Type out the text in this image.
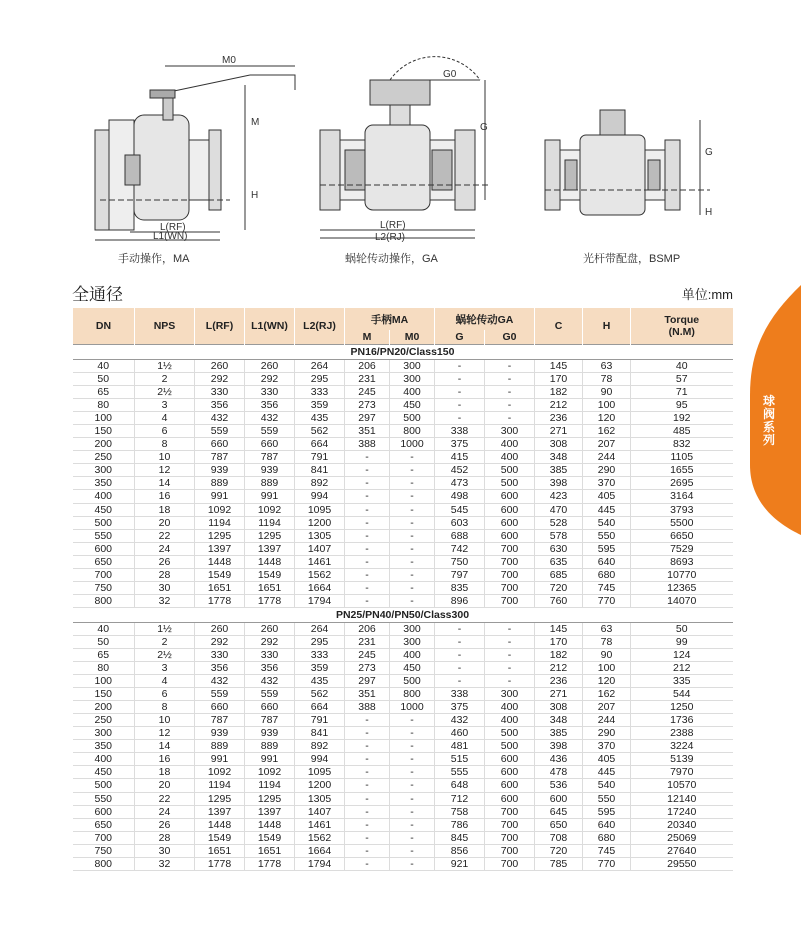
M0
M
H
L(RF)
L1(WN)
G0
G
L(RF)
L2(RJ)
G
H
手动操作，MA	蜗轮传动操作，GA	光杆带配盘，BSMP
全通径	单位:mm
球阀系列
DN	NPS	L(RF)	L1(WN)	L2(RJ)	手柄MA		蜗轮传动GA		C	H	Torque (N.M)
					M	M0	G	G0			
PN16/PN20/Class150											
40	1½	260	260	264	206	300	-	-	145	63	40
50	2	292	292	295	231	300	-	-	170	78	57
65	2½	330	330	333	245	400	-	-	182	90	71
80	3	356	356	359	273	450	-	-	212	100	95
100	4	432	432	435	297	500	-	-	236	120	192
150	6	559	559	562	351	800	338	300	271	162	485
200	8	660	660	664	388	1000	375	400	308	207	832
250	10	787	787	791	-	-	415	400	348	244	1105
300	12	939	939	841	-	-	452	500	385	290	1655
350	14	889	889	892	-	-	473	500	398	370	2695
400	16	991	991	994	-	-	498	600	423	405	3164
450	18	1092	1092	1095	-	-	545	600	470	445	3793
500	20	1194	1194	1200	-	-	603	600	528	540	5500
550	22	1295	1295	1305	-	-	688	600	578	550	6650
600	24	1397	1397	1407	-	-	742	700	630	595	7529
650	26	1448	1448	1461	-	-	750	700	635	640	8693
700	28	1549	1549	1562	-	-	797	700	685	680	10770
750	30	1651	1651	1664	-	-	835	700	720	745	12365
800	32	1778	1778	1794	-	-	896	700	760	770	14070
PN25/PN40/PN50/Class300											
40	1½	260	260	264	206	300	-	-	145	63	50
50	2	292	292	295	231	300	-	-	170	78	99
65	2½	330	330	333	245	400	-	-	182	90	124
80	3	356	356	359	273	450	-	-	212	100	212
100	4	432	432	435	297	500	-	-	236	120	335
150	6	559	559	562	351	800	338	300	271	162	544
200	8	660	660	664	388	1000	375	400	308	207	1250
250	10	787	787	791	-	-	432	400	348	244	1736
300	12	939	939	841	-	-	460	500	385	290	2388
350	14	889	889	892	-	-	481	500	398	370	3224
400	16	991	991	994	-	-	515	600	436	405	5139
450	18	1092	1092	1095	-	-	555	600	478	445	7970
500	20	1194	1194	1200	-	-	648	600	536	540	10570
550	22	1295	1295	1305	-	-	712	600	600	550	12140
600	24	1397	1397	1407	-	-	758	700	645	595	17240
650	26	1448	1448	1461	-	-	786	700	650	640	20340
700	28	1549	1549	1562	-	-	845	700	708	680	25069
750	30	1651	1651	1664	-	-	856	700	720	745	27640
800	32	1778	1778	1794	-	-	921	700	785	770	29550
